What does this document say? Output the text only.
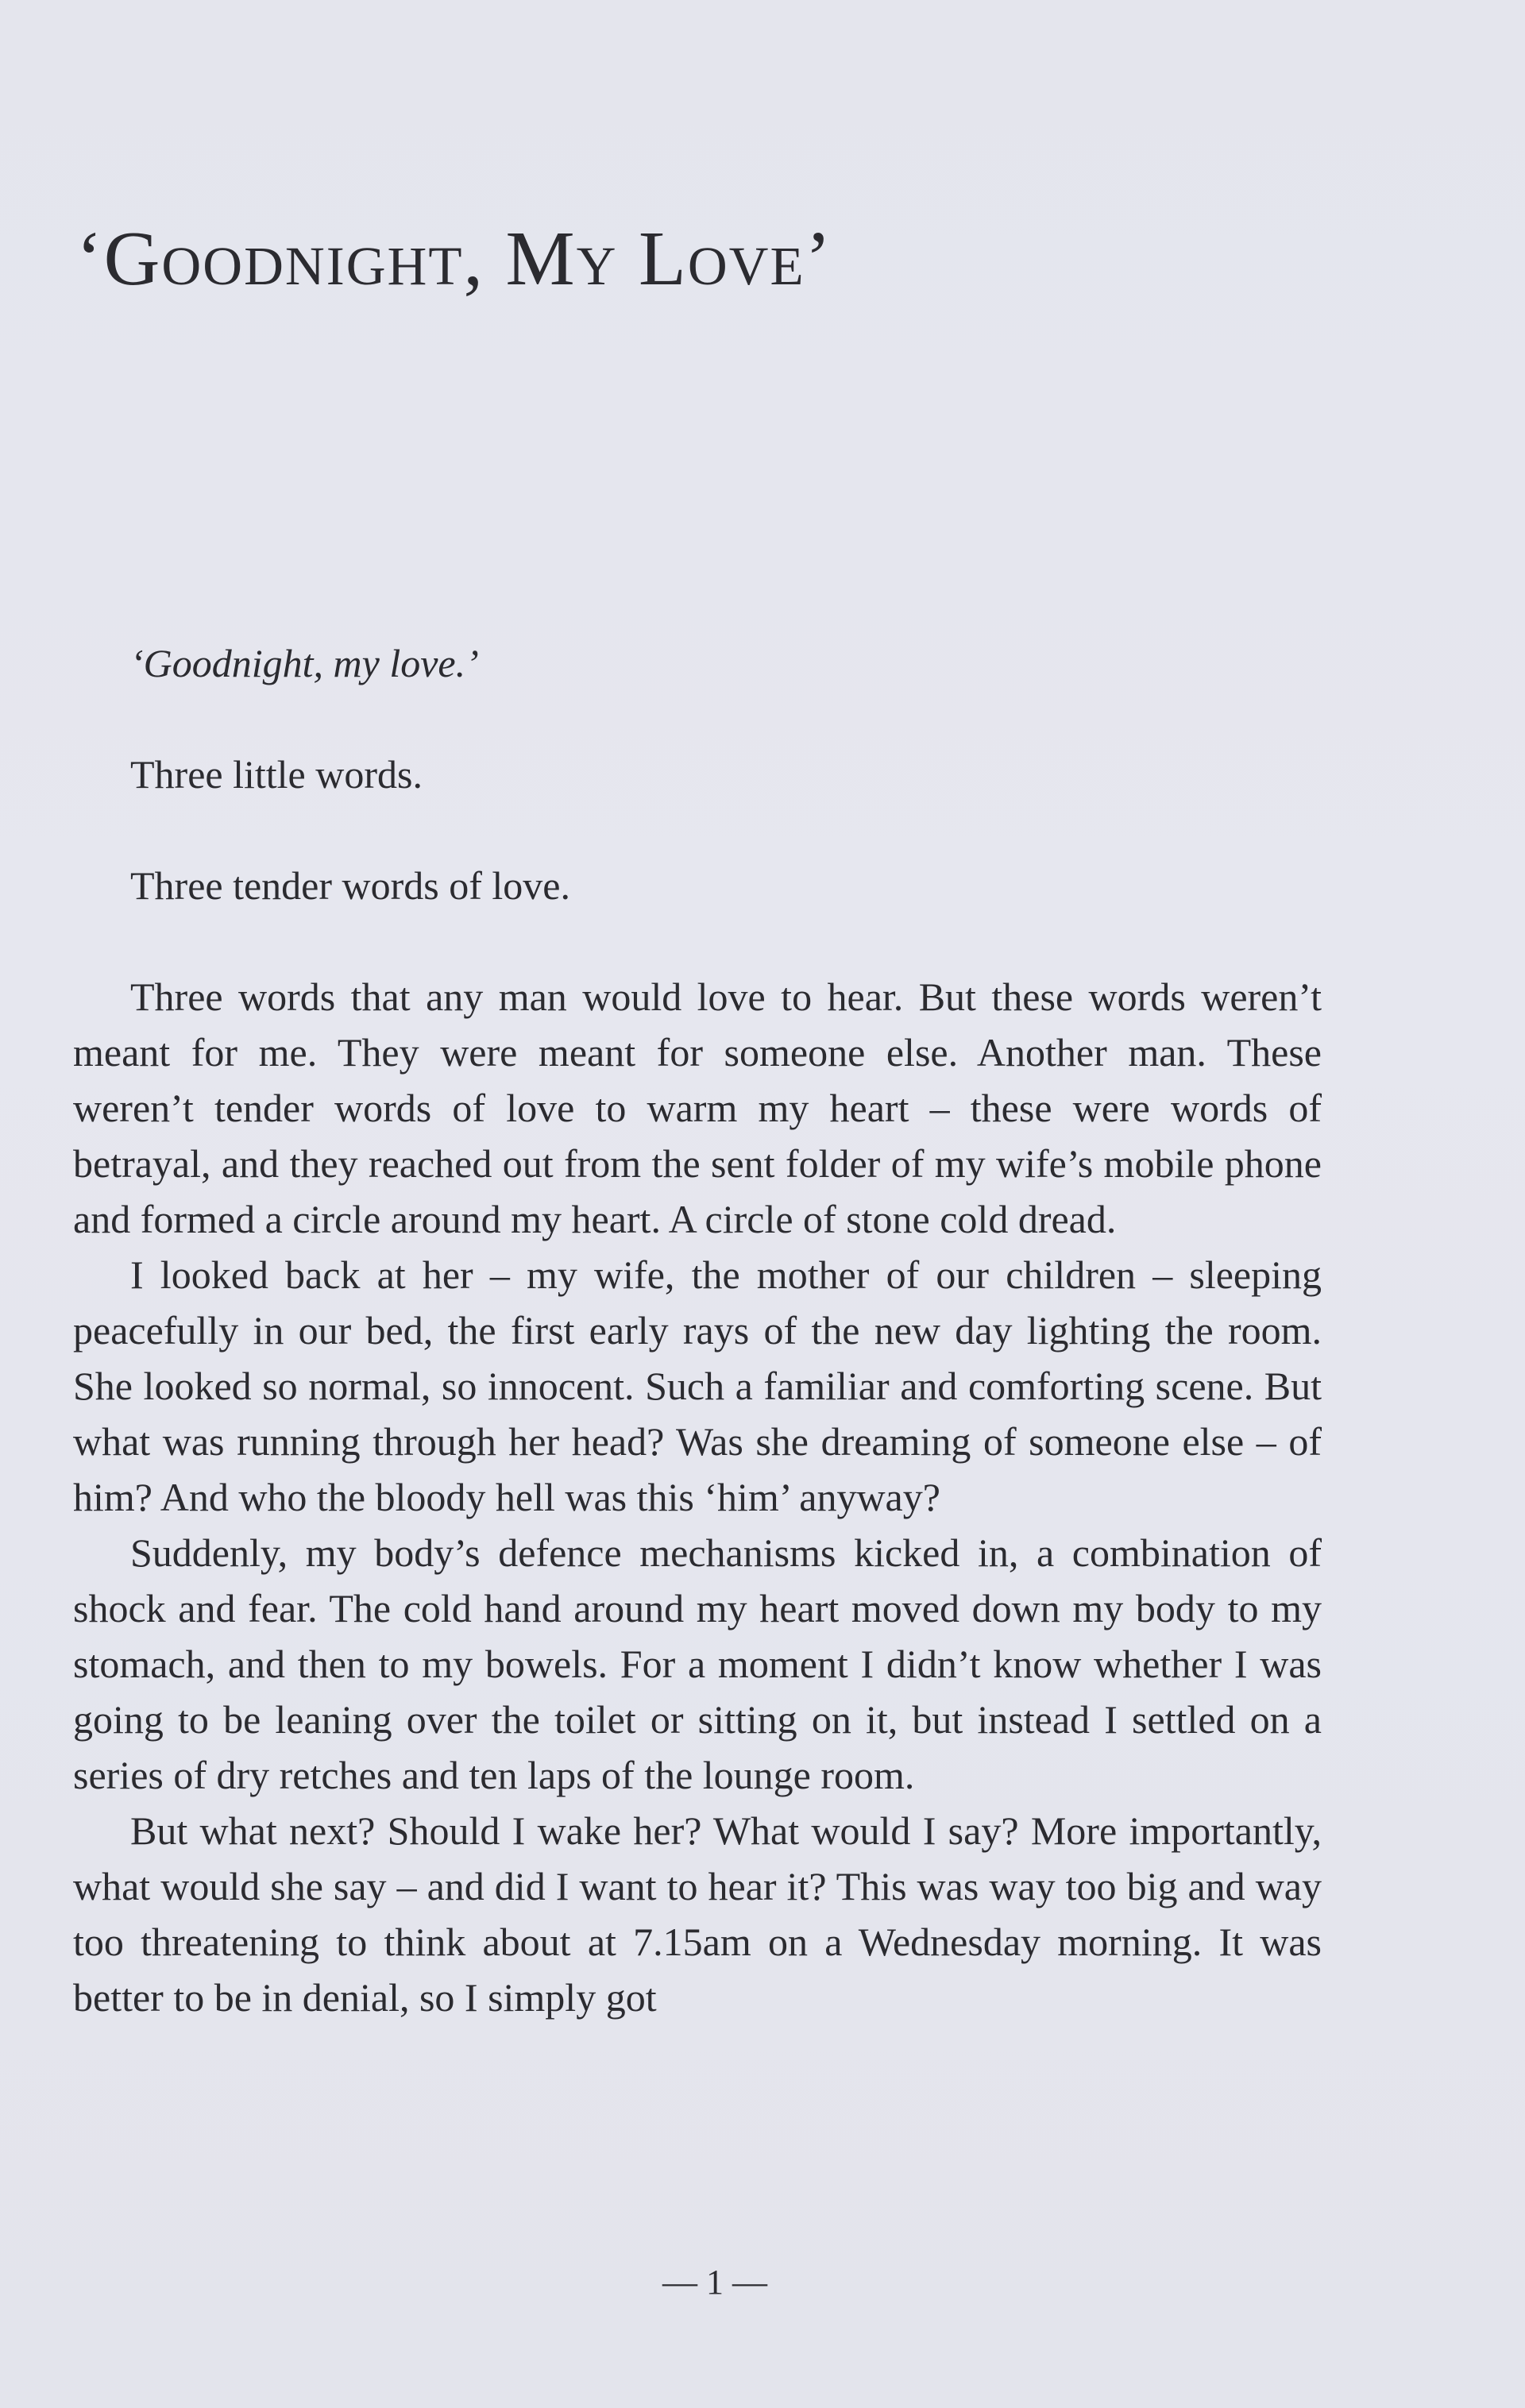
‘Goodnight, My Love’

‘Goodnight, my love.’

Three little words.

Three tender words of love.

Three words that any man would love to hear. But these words weren’t meant for me. They were meant for someone else. Another man. These weren’t tender words of love to warm my heart – these were words of betrayal, and they reached out from the sent folder of my wife’s mobile phone and formed a circle around my heart. A circle of stone cold dread.

I looked back at her – my wife, the mother of our children – sleeping peacefully in our bed, the first early rays of the new day lighting the room. She looked so normal, so innocent. Such a familiar and comforting scene. But what was running through her head? Was she dreaming of someone else – of him? And who the bloody hell was this ‘him’ anyway?

Suddenly, my body’s defence mechanisms kicked in, a combination of shock and fear. The cold hand around my heart moved down my body to my stomach, and then to my bowels. For a moment I didn’t know whether I was going to be leaning over the toilet or sitting on it, but instead I settled on a series of dry retches and ten laps of the lounge room.

But what next? Should I wake her? What would I say? More importantly, what would she say – and did I want to hear it? This was way too big and way too threatening to think about at 7.15am on a Wednesday morning. It was better to be in denial, so I simply got

— 1 —
